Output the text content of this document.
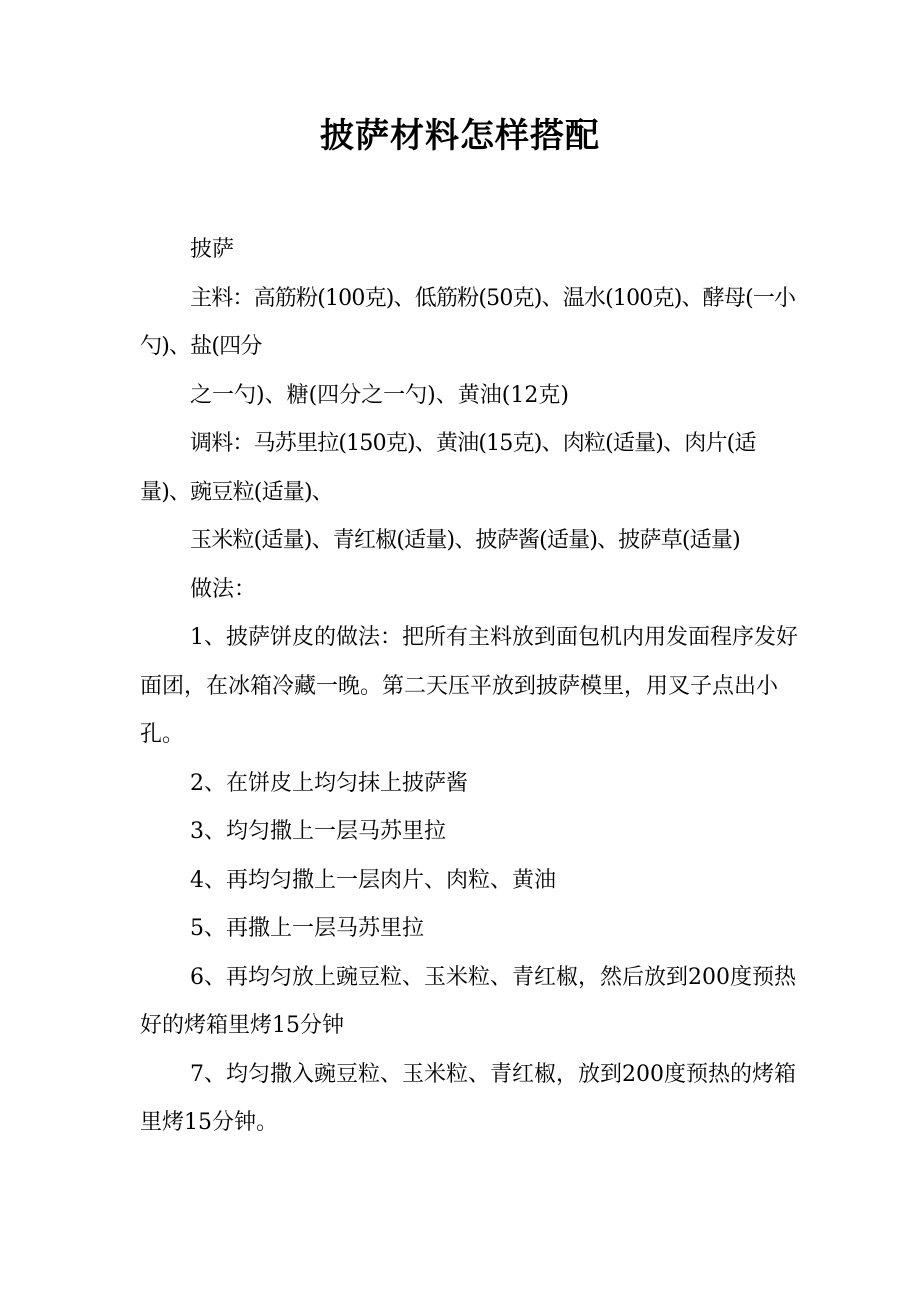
披萨材料怎样搭配

披萨

主料：高筋粉(100克)、低筋粉(50克)、温水(100克)、酵母(一小勺)、盐(四分

之一勺)、糖(四分之一勺)、黄油(12克)

调料：马苏里拉(150克)、黄油(15克)、肉粒(适量)、肉片(适量)、豌豆粒(适量)、

玉米粒(适量)、青红椒(适量)、披萨酱(适量)、披萨草(适量)

做法：

1、披萨饼皮的做法：把所有主料放到面包机内用发面程序发好面团，在冰箱冷藏一晚。第二天压平放到披萨模里，用叉子点出小孔。

2、在饼皮上均匀抹上披萨酱

3、均匀撒上一层马苏里拉

4、再均匀撒上一层肉片、肉粒、黄油

5、再撒上一层马苏里拉

6、再均匀放上豌豆粒、玉米粒、青红椒，然后放到200度预热好的烤箱里烤15分钟

7、均匀撒入豌豆粒、玉米粒、青红椒，放到200度预热的烤箱里烤15分钟。
